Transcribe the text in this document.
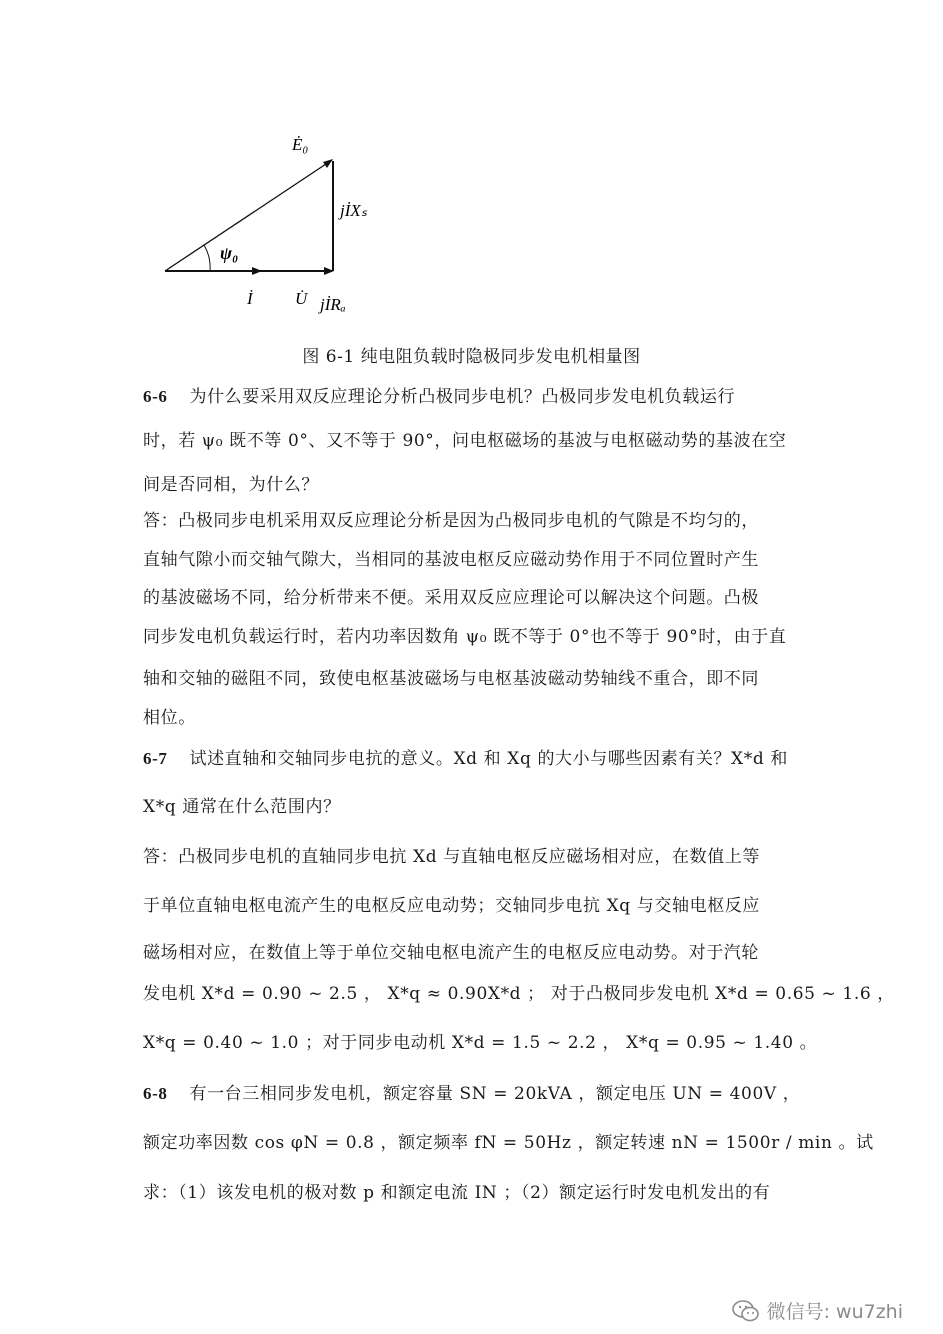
Ė₀
jİXₛ
ψ₀
İ U̇ jİRₐ
图 6-1 纯电阻负载时隐极同步发电机相量图
6-6 为什么要采用双反应理论分析凸极同步电机？凸极同步发电机负载运行
时，若 ψ₀ 既不等 0°、又不等于 90°，问电枢磁场的基波与电枢磁动势的基波在空
间是否同相，为什么？
答：凸极同步电机采用双反应理论分析是因为凸极同步电机的气隙是不均匀的，
直轴气隙小而交轴气隙大，当相同的基波电枢反应磁动势作用于不同位置时产生
的基波磁场不同，给分析带来不便。采用双反应应理论可以解决这个问题。凸极
同步发电机负载运行时，若内功率因数角 ψ₀ 既不等于 0°也不等于 90°时，由于直
轴和交轴的磁阻不同，致使电枢基波磁场与电枢基波磁动势轴线不重合，即不同
相位。
6-7 试述直轴和交轴同步电抗的意义。Xd 和 Xq 的大小与哪些因素有关？X*d 和
X*q 通常在什么范围内？
答：凸极同步电机的直轴同步电抗 Xd 与直轴电枢反应磁场相对应，在数值上等
于单位直轴电枢电流产生的电枢反应电动势；交轴同步电抗 Xq 与交轴电枢反应
磁场相对应，在数值上等于单位交轴电枢电流产生的电枢反应电动势。对于汽轮
发电机 X*d = 0.90 ~ 2.5 ， X*q ≈ 0.90X*d ； 对于凸极同步发电机 X*d = 0.65 ~ 1.6 ，
X*q = 0.40 ~ 1.0 ；对于同步电动机 X*d = 1.5 ~ 2.2 ， X*q = 0.95 ~ 1.40 。
6-8 有一台三相同步发电机，额定容量 SN = 20kVA ，额定电压 UN = 400V ，
额定功率因数 cos φN = 0.8 ，额定频率 fN = 50Hz ，额定转速 nN = 1500r / min 。试
求：（1）该发电机的极对数 p 和额定电流 IN ；（2）额定运行时发电机发出的有
微信号: wu7zhi
